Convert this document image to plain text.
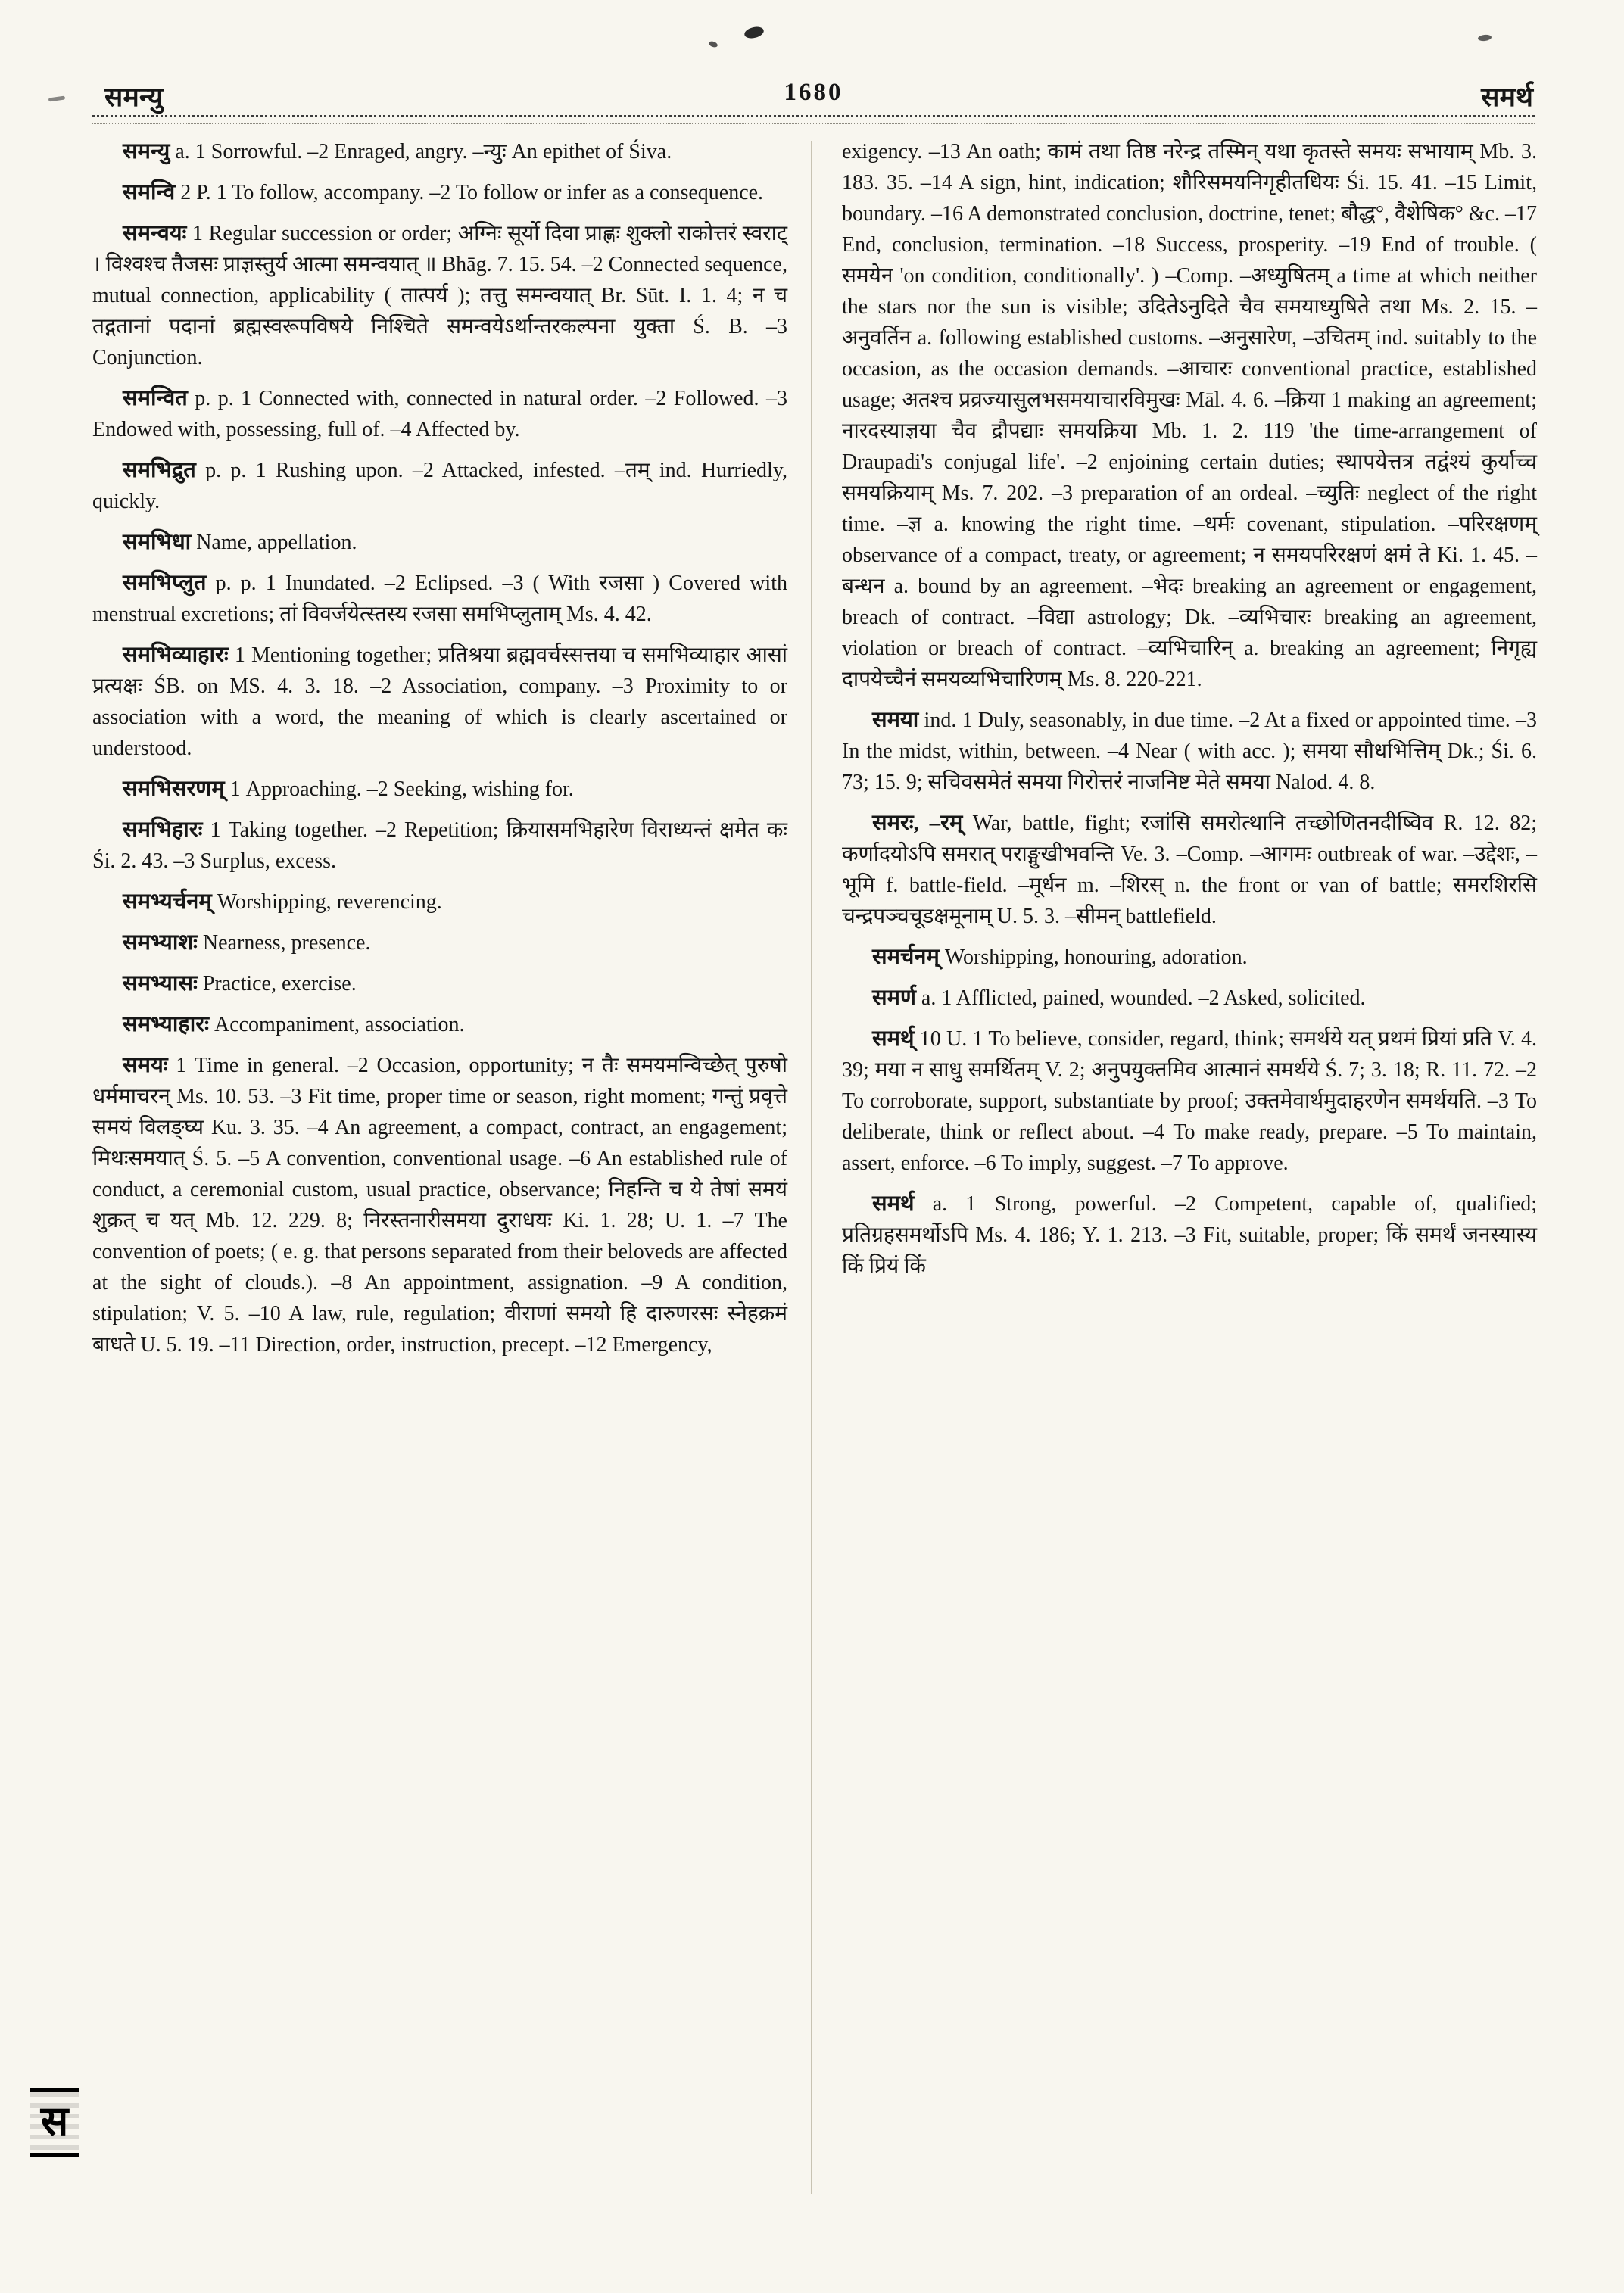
समन्यु	1680	समर्थ

समन्यु a. 1 Sorrowful. –2 Enraged, angry. –न्युः An epithet of Śiva.

समन्वि 2 P. 1 To follow, accompany. –2 To follow or infer as a consequence.

समन्वयः 1 Regular succession or order; अग्निः सूर्यो दिवा प्राह्णः शुक्लो राकोत्तरं स्वराट् । विश्वश्च तैजसः प्राज्ञस्तुर्य आत्मा समन्वयात् ॥ Bhāg. 7. 15. 54. –2 Connected sequence, mutual connection, applicability ( तात्पर्य ); तत्तु समन्वयात् Br. Sūt. I. 1. 4; न च तद्गतानां पदानां ब्रह्मस्वरूपविषये निश्चिते समन्वयेऽर्थान्तरकल्पना युक्ता Ś. B. –3 Conjunction.

समन्वित p. p. 1 Connected with, connected in natural order. –2 Followed. –3 Endowed with, possessing, full of. –4 Affected by.

समभिद्रुत p. p. 1 Rushing upon. –2 Attacked, infested. –तम् ind. Hurriedly, quickly.

समभिधा Name, appellation.

समभिप्लुत p. p. 1 Inundated. –2 Eclipsed. –3 ( With रजसा ) Covered with menstrual excretions; तां विवर्जयेत्स्तस्य रजसा समभिप्लुताम् Ms. 4. 42.

समभिव्याहारः 1 Mentioning together; प्रतिश्रया ब्रह्मवर्चस्सत्तया च समभिव्याहार आसां प्रत्यक्षः ŚB. on MS. 4. 3. 18. –2 Association, company. –3 Proximity to or association with a word, the meaning of which is clearly ascertained or understood.

समभिसरणम् 1 Approaching. –2 Seeking, wishing for.

समभिहारः 1 Taking together. –2 Repetition; क्रियासमभिहारेण विराध्यन्तं क्षमेत कः Śi. 2. 43. –3 Surplus, excess.

समभ्यर्चनम् Worshipping, reverencing.

समभ्याशः Nearness, presence.

समभ्यासः Practice, exercise.

समभ्याहारः Accompaniment, association.

समयः 1 Time in general. –2 Occasion, opportunity; न तैः समयमन्विच्छेत् पुरुषो धर्ममाचरन् Ms. 10. 53. –3 Fit time, proper time or season, right moment; गन्तुं प्रवृत्ते समयं विलङ्घ्य Ku. 3. 35. –4 An agreement, a compact, contract, an engagement; मिथःसमयात् Ś. 5. –5 A convention, conventional usage. –6 An established rule of conduct, a ceremonial custom, usual practice, observance; निहन्ति च ये तेषां समयं शुक्रत् च यत् Mb. 12. 229. 8; निरस्तनारीसमया दुराधयः Ki. 1. 28; U. 1. –7 The convention of poets; ( e. g. that persons separated from their beloveds are affected at the sight of clouds.). –8 An appointment, assignation. –9 A condition, stipulation; V. 5. –10 A law, rule, regulation; वीराणां समयो हि दारुणरसः स्नेहक्रमं बाधते U. 5. 19. –11 Direction, order, instruction, precept. –12 Emergency,

exigency. –13 An oath; कामं तथा तिष्ठ नरेन्द्र तस्मिन् यथा कृतस्ते समयः सभायाम् Mb. 3. 183. 35. –14 A sign, hint, indication; शौरिसमयनिगृहीतधियः Śi. 15. 41. –15 Limit, boundary. –16 A demonstrated conclusion, doctrine, tenet; बौद्ध°, वैशेषिक° &c. –17 End, conclusion, termination. –18 Success, prosperity. –19 End of trouble. ( समयेन 'on condition, conditionally'. ) –Comp. –अध्युषितम् a time at which neither the stars nor the sun is visible; उदितेऽनुदिते चैव समयाध्युषिते तथा Ms. 2. 15. –अनुवर्तिन a. following established customs. –अनुसारेण, –उचितम् ind. suitably to the occasion, as the occasion demands. –आचारः conventional practice, established usage; अतश्च प्रव्रज्यासुलभसमयाचारविमुखः Māl. 4. 6. –क्रिया 1 making an agreement; नारदस्याज्ञया चैव द्रौपद्याः समयक्रिया Mb. 1. 2. 119 'the time-arrangement of Draupadi's conjugal life'. –2 enjoining certain duties; स्थापयेत्तत्र तद्वंश्यं कुर्याच्च समयक्रियाम् Ms. 7. 202. –3 preparation of an ordeal. –च्युतिः neglect of the right time. –ज्ञ a. knowing the right time. –धर्मः covenant, stipulation. –परिरक्षणम् observance of a compact, treaty, or agreement; न समयपरिरक्षणं क्षमं ते Ki. 1. 45. –बन्धन a. bound by an agreement. –भेदः breaking an agreement or engagement, breach of contract. –विद्या astrology; Dk. –व्यभिचारः breaking an agreement, violation or breach of contract. –व्यभिचारिन् a. breaking an agreement; निगृह्य दापयेच्चैनं समयव्यभिचारिणम् Ms. 8. 220-221.

समया ind. 1 Duly, seasonably, in due time. –2 At a fixed or appointed time. –3 In the midst, within, between. –4 Near ( with acc. ); समया सौधभित्तिम् Dk.; Śi. 6. 73; 15. 9; सचिवसमेतं समया गिरोत्तरं नाजनिष्ट मेते समया Nalod. 4. 8.

समरः, –रम् War, battle, fight; रजांसि समरोत्थानि तच्छोणितनदीष्विव R. 12. 82; कर्णादयोऽपि समरात् पराङ्मुखीभवन्ति Ve. 3. –Comp. –आगमः outbreak of war. –उद्देशः, –भूमि f. battle-field. –मूर्धन m. –शिरस् n. the front or van of battle; समरशिरसि चन्द्रपञ्चचूडक्षमूनाम् U. 5. 3. –सीमन् battlefield.

समर्चनम् Worshipping, honouring, adoration.

समर्ण a. 1 Afflicted, pained, wounded. –2 Asked, solicited.

समर्थ् 10 U. 1 To believe, consider, regard, think; समर्थये यत् प्रथमं प्रियां प्रति V. 4. 39; मया न साधु समर्थितम् V. 2; अनुपयुक्तमिव आत्मानं समर्थये Ś. 7; 3. 18; R. 11. 72. –2 To corroborate, support, substantiate by proof; उक्तमेवार्थमुदाहरणेन समर्थयति. –3 To deliberate, think or reflect about. –4 To make ready, prepare. –5 To maintain, assert, enforce. –6 To imply, suggest. –7 To approve.

समर्थ a. 1 Strong, powerful. –2 Competent, capable of, qualified; प्रतिग्रहसमर्थोऽपि Ms. 4. 186; Y. 1. 213. –3 Fit, suitable, proper; किं समर्थं जनस्यास्य किं प्रियं किं

स
